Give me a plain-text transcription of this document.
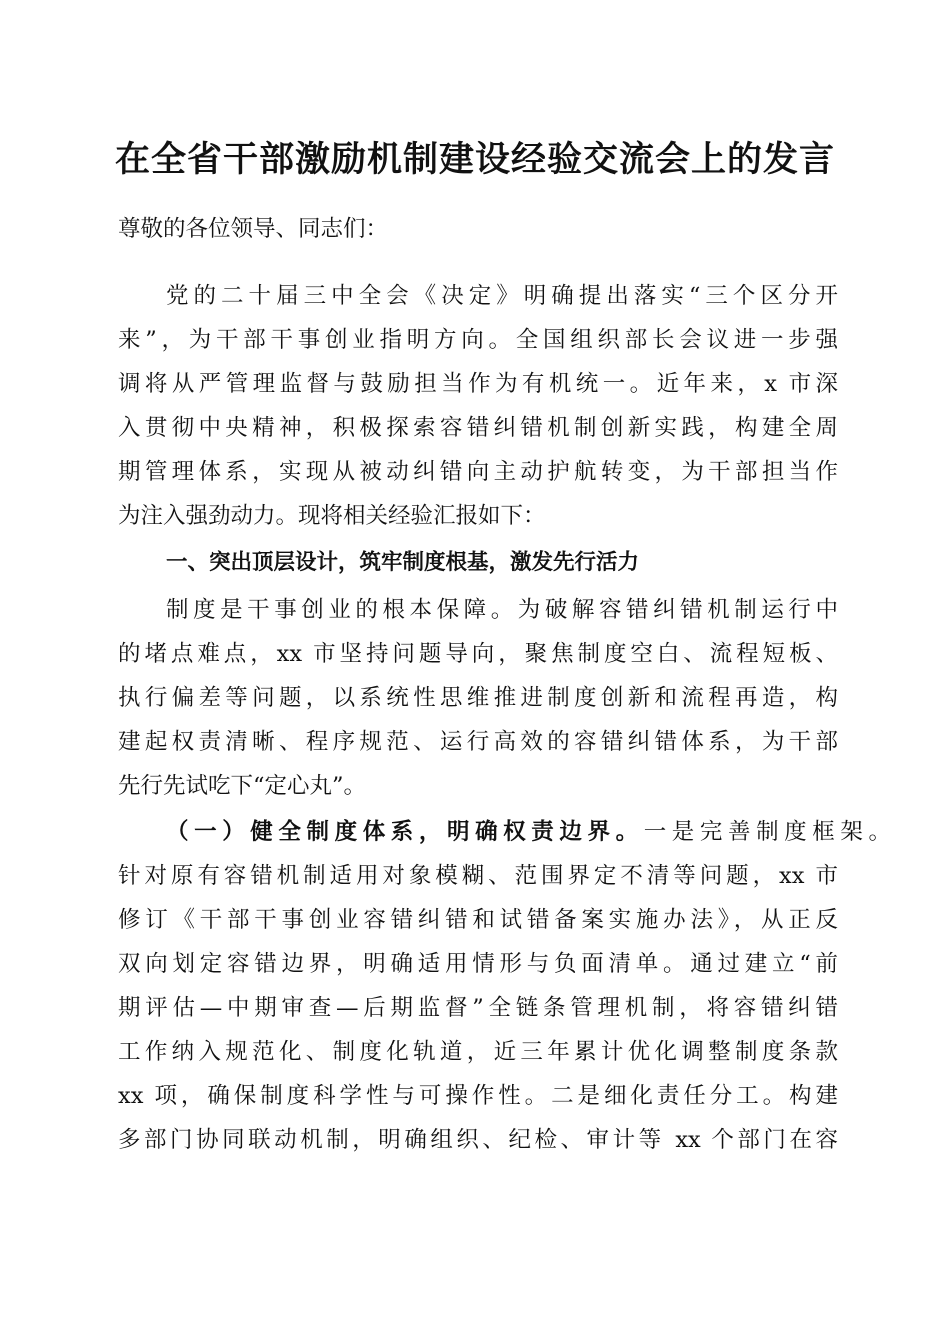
在全省干部激励机制建设经验交流会上的发言
尊敬的各位领导、同志们：
党的二十届三中全会《决定》明确提出落实“三个区分开
来”，为干部干事创业指明方向。全国组织部长会议进一步强
调将从严管理监督与鼓励担当作为有机统一。近年来，x 市深
入贯彻中央精神，积极探索容错纠错机制创新实践，构建全周
期管理体系，实现从被动纠错向主动护航转变，为干部担当作
为注入强劲动力。现将相关经验汇报如下：
一、突出顶层设计，筑牢制度根基，激发先行活力
制度是干事创业的根本保障。为破解容错纠错机制运行中
的堵点难点，xx 市坚持问题导向，聚焦制度空白、流程短板、
执行偏差等问题，以系统性思维推进制度创新和流程再造，构
建起权责清晰、程序规范、运行高效的容错纠错体系，为干部
先行先试吃下“定心丸”。
（一）健全制度体系，明确权责边界。一是完善制度框架。
针对原有容错机制适用对象模糊、范围界定不清等问题，xx 市
修订《干部干事创业容错纠错和试错备案实施办法》，从正反
双向划定容错边界，明确适用情形与负面清单。通过建立“前
期评估—中期审查—后期监督”全链条管理机制，将容错纠错
工作纳入规范化、制度化轨道，近三年累计优化调整制度条款
xx 项，确保制度科学性与可操作性。二是细化责任分工。构建
多部门协同联动机制，明确组织、纪检、审计等 xx 个部门在容
